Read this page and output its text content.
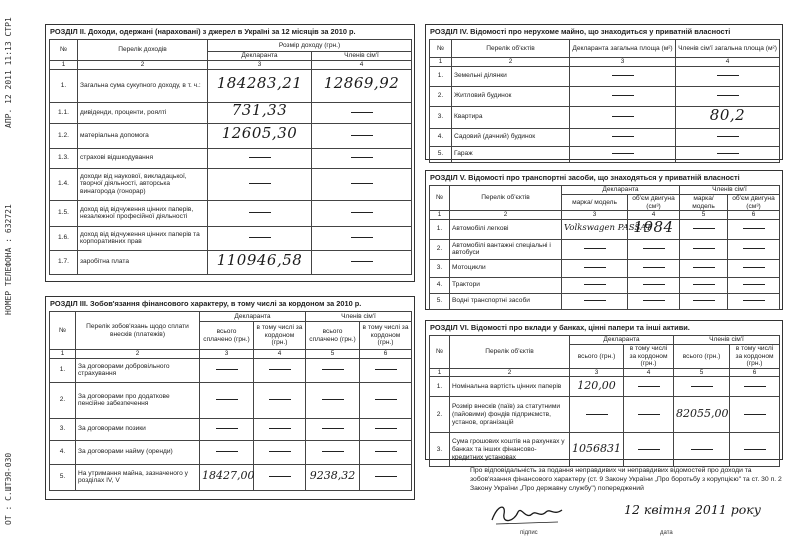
АПР. 12 2011 11:13 СТР1
НОМЕР ТЕЛЕФОНА : 632721
ОТ : С.ШТЭЯ-030
РОЗДІЛ ІІ. Доходи, одержані (нараховані) з джерел в Україні за 12 місяців за 2010 р.
№	Перелік доходів	Розмір доходу (грн.)	
		Декларанта	Членів сім'ї
1	2	3	4
1.	Загальна сума сукупного доходу, в т. ч.:	184283,21	12869,92
1.1.	дивіденди, проценти, роялті	731,33	
1.2.	матеріальна допомога	12605,30	
1.3.	страхові відшкодування		
1.4.	доходи від наукової, викладацької, творчої діяльності, авторська винагорода (гонорар)		
1.5.	доход від відчуження цінних паперів, незалежної професійної діяльності		
1.6.	доход від відчуження цінних паперів та корпоративних прав		
1.7.	заробітна плата	110946,58	
РОЗДІЛ ІІІ. Зобов'язання фінансового характеру, в тому числі за кордоном за 2010 р.
№	Перелік зобов'язань щодо сплати внесків (платежів)	Декларанта		Членів сім'ї	
		всього сплачено (грн.)	в тому числі за кордоном (грн.)	всього сплачено (грн.)	в тому числі за кордоном (грн.)
1	2	3	4	5	6
1.	За договорами добровільного страхування				
2.	За договорами про додаткове пенсійне забезпечення				
3.	За договорами позики				
4.	За договорами найму (оренди)				
5.	На утримання майна, зазначеного у розділах IV, V	18427,00		9238,32	
РОЗДІЛ IV. Відомості про нерухоме майно, що знаходиться у приватній власності
№	Перелік об'єктів	Декларанта загальна площа (м²)	Членів сім'ї загальна площа (м²)
1	2	3	4
1.	Земельні ділянки		
2.	Житловий будинок		
3.	Квартира		80,2
4.	Садовий (дачний) будинок		
5.	Гараж		
РОЗДІЛ V. Відомості про транспортні засоби, що знаходяться у приватній власності
№	Перелік об'єктів	Декларанта		Членів сім'ї	
		марка/ модель	об'єм двигуна (см³)	марка/ модель	об'єм двигуна (см³)
1	2	3	4	5	6
1.	Автомобілі легкові	Volkswagen PASSAT	1984		
2.	Автомобілі вантажні спеціальні і автобуси				
3.	Мотоцикли				
4.	Трактори				
5.	Водні транспортні засоби				
РОЗДІЛ VI. Відомості про вклади у банках, цінні папери та інші активи.
№	Перелік об'єктів	Декларанта		Членів сім'ї	
		всього (грн.)	в тому числі за кордоном (грн.)	всього (грн.)	в тому числі за кордоном (грн.)
1	2	3	4	5	6
1.	Номінальна вартість цінних паперів	120,00			
2.	Розмір внесків (паїв) за статутними (пайовими) фондів підприємств, установ, організацій			82055,00	
3.	Сума грошових коштів на рахунках у банках та інших фінансово-кредитних установах	1056831			
Про відповідальність за подання неправдивих чи неправдивих відомостей про доходи та зобов'язання фінансового характеру (ст. 9 Закону України „Про боротьбу з корупцією" та ст. 30 п. 2 Закону України „Про державну службу") попереджений
підпис
12 квітня 2011 року
дата
